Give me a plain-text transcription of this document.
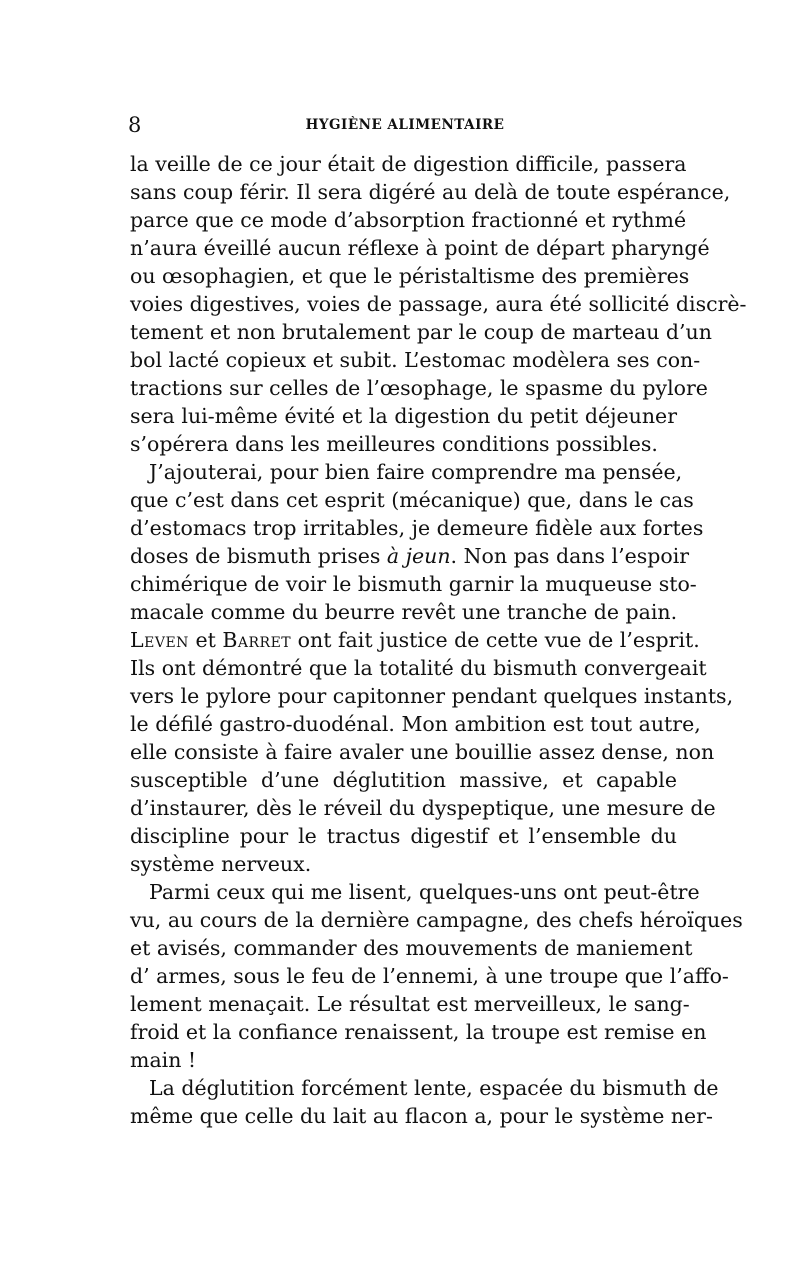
8	HYGIÈNE ALIMENTAIRE
la veille de ce jour était de digestion difficile, passera
sans coup férir. Il sera digéré au delà de toute espérance,
parce que ce mode d’absorption fractionné et rythmé
n’aura éveillé aucun réflexe à point de départ pharyngé
ou œsophagien, et que le péristaltisme des premières
voies digestives, voies de passage, aura été sollicité discrè-
tement et non brutalement par le coup de marteau d’un
bol lacté copieux et subit. L’estomac modèlera ses con-
tractions sur celles de l’œsophage, le spasme du pylore
sera lui-même évité et la digestion du petit déjeuner
s’opérera dans les meilleures conditions possibles.
J’ajouterai, pour bien faire comprendre ma pensée,
que c’est dans cet esprit (mécanique) que, dans le cas
d’estomacs trop irritables, je demeure fidèle aux fortes
doses de bismuth prises à jeun. Non pas dans l’espoir
chimérique de voir le bismuth garnir la muqueuse sto-
macale comme du beurre revêt une tranche de pain.
Leven et Barret ont fait justice de cette vue de l’esprit.
Ils ont démontré que la totalité du bismuth convergeait
vers le pylore pour capitonner pendant quelques instants,
le défilé gastro-duodénal. Mon ambition est tout autre,
elle consiste à faire avaler une bouillie assez dense, non
susceptible d’une déglutition massive, et capable
d’instaurer, dès le réveil du dyspeptique, une mesure de
discipline pour le tractus digestif et l’ensemble du
système nerveux.
Parmi ceux qui me lisent, quelques-uns ont peut-être
vu, au cours de la dernière campagne, des chefs héroïques
et avisés, commander des mouvements de maniement
d’ armes, sous le feu de l’ennemi, à une troupe que l’affo-
lement menaçait. Le résultat est merveilleux, le sang-
froid et la confiance renaissent, la troupe est remise en
main !
La déglutition forcément lente, espacée du bismuth de
même que celle du lait au flacon a, pour le système ner-
